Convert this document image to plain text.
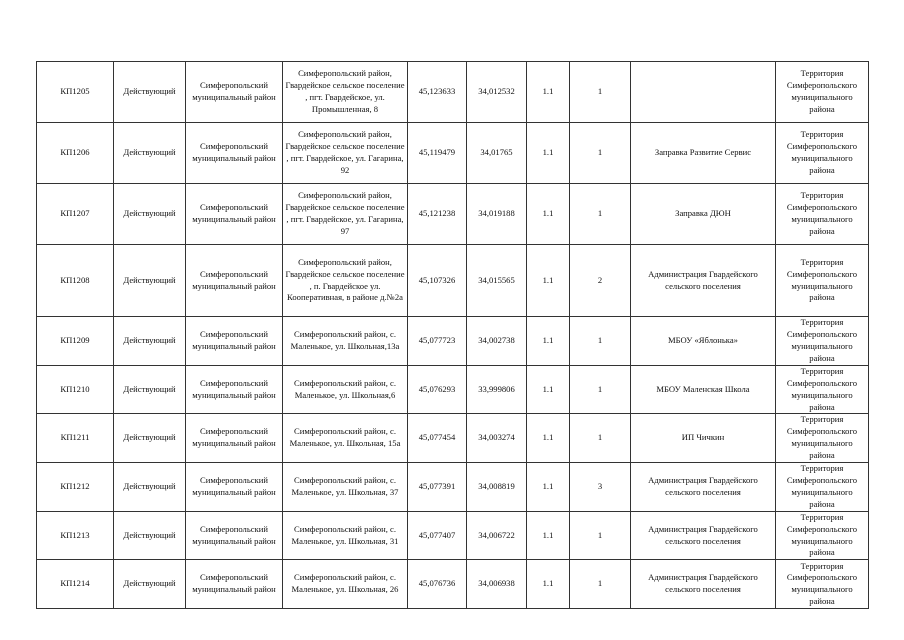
КП1205	Действующий	Симферопольский муниципальный район	Симферопольский район, Гвардейское сельское поселение , пгт. Гвардейское, ул. Промышленная, 8	45,123633	34,012532	1.1	1		Территория Симферопольского муниципального района
КП1206	Действующий	Симферопольский муниципальный район	Симферопольский район, Гвардейское сельское поселение , пгт. Гвардейское, ул. Гагарина, 92	45,119479	34,01765	1.1	1	Заправка Развитие Сервис	Территория Симферопольского муниципального района
КП1207	Действующий	Симферопольский муниципальный район	Симферопольский район, Гвардейское сельское поселение , пгт. Гвардейское, ул. Гагарина, 97	45,121238	34,019188	1.1	1	Заправка ДЮН	Территория Симферопольского муниципального района
КП1208	Действующий	Симферопольский муниципальный район	Симферопольский район, Гвардейское сельское поселение , п. Гвардейское ул. Кооперативная, в районе д.№2а	45,107326	34,015565	1.1	2	Администрация Гвардейского сельского поселения	Территория Симферопольского муниципального района
КП1209	Действующий	Симферопольский муниципальный район	Симферопольский район, с. Маленькое, ул. Школьная,13а	45,077723	34,002738	1.1	1	МБОУ «Яблонька»	Территория Симферопольского муниципального района
КП1210	Действующий	Симферопольский муниципальный район	Симферопольский район, с. Маленькое, ул. Школьная,6	45,076293	33,999806	1.1	1	МБОУ Маленская Школа	Территория Симферопольского муниципального района
КП1211	Действующий	Симферопольский муниципальный район	Симферопольский район, с. Маленькое, ул. Школьная, 15а	45,077454	34,003274	1.1	1	ИП Чичкин	Территория Симферопольского муниципального района
КП1212	Действующий	Симферопольский муниципальный район	Симферопольский район, с. Маленькое, ул. Школьная, 37	45,077391	34,008819	1.1	3	Администрация Гвардейского сельского поселения	Территория Симферопольского муниципального района
КП1213	Действующий	Симферопольский муниципальный район	Симферопольский район, с. Маленькое, ул. Школьная, 31	45,077407	34,006722	1.1	1	Администрация Гвардейского сельского поселения	Территория Симферопольского муниципального района
КП1214	Действующий	Симферопольский муниципальный район	Симферопольский район, с. Маленькое, ул. Школьная, 26	45,076736	34,006938	1.1	1	Администрация Гвардейского сельского поселения	Территория Симферопольского муниципального района
